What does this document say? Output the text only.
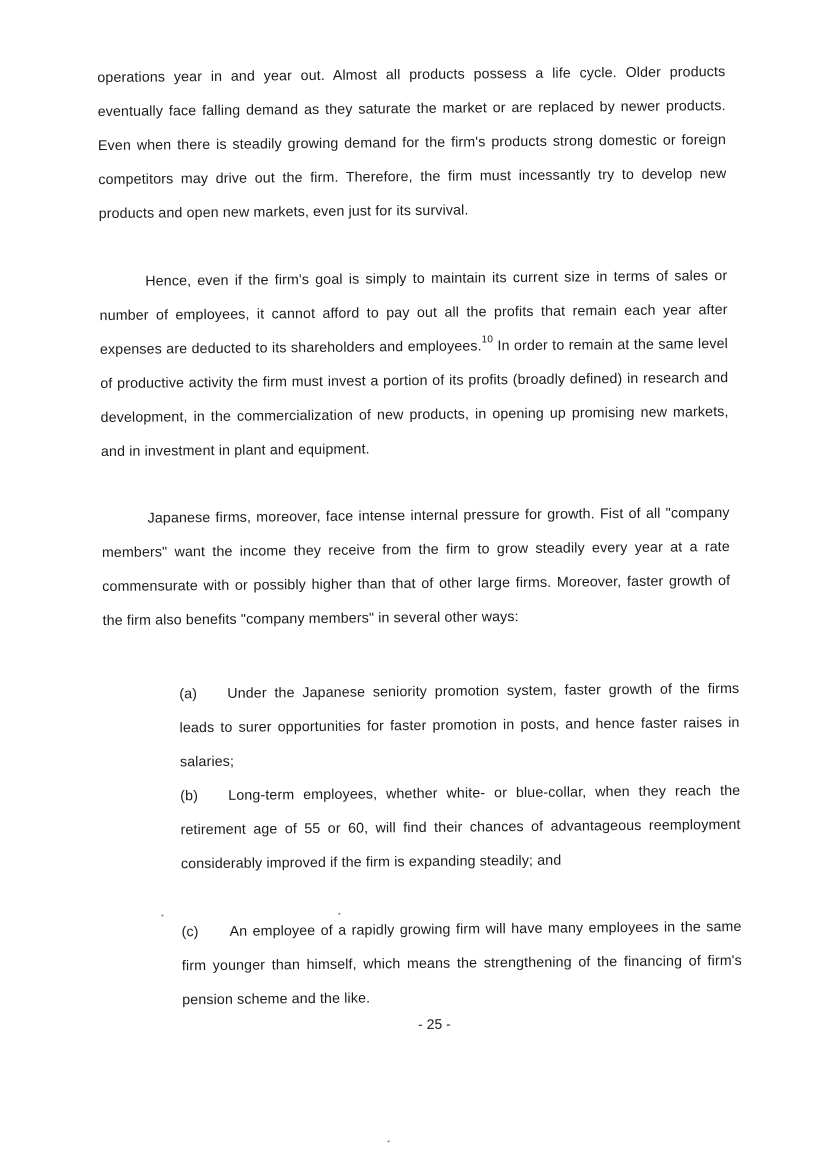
operations year in and year out. Almost all products possess a life cycle. Older products eventually face falling demand as they saturate the market or are replaced by newer products. Even when there is steadily growing demand for the firm's products strong domestic or foreign competitors may drive out the firm. Therefore, the firm must incessantly try to develop new products and open new markets, even just for its survival.

Hence, even if the firm's goal is simply to maintain its current size in terms of sales or number of employees, it cannot afford to pay out all the profits that remain each year after expenses are deducted to its shareholders and employees.$^{10}$ In order to remain at the same level of productive activity the firm must invest a portion of its profits (broadly defined) in research and development, in the commercialization of new products, in opening up promising new markets, and in investment in plant and equipment.

Japanese firms, moreover, face intense internal pressure for growth. Fist of all "company members" want the income they receive from the firm to grow steadily every year at a rate commensurate with or possibly higher than that of other large firms. Moreover, faster growth of the firm also benefits "company members" in several other ways:

(a) Under the Japanese seniority promotion system, faster growth of the firms leads to surer opportunities for faster promotion in posts, and hence faster raises in salaries;

(b) Long-term employees, whether white- or blue-collar, when they reach the retirement age of 55 or 60, will find their chances of advantageous reemployment considerably improved if the firm is expanding steadily; and

(c) An employee of a rapidly growing firm will have many employees in the same firm younger than himself, which means the strengthening of the financing of firm's pension scheme and the like.

- 25 -
